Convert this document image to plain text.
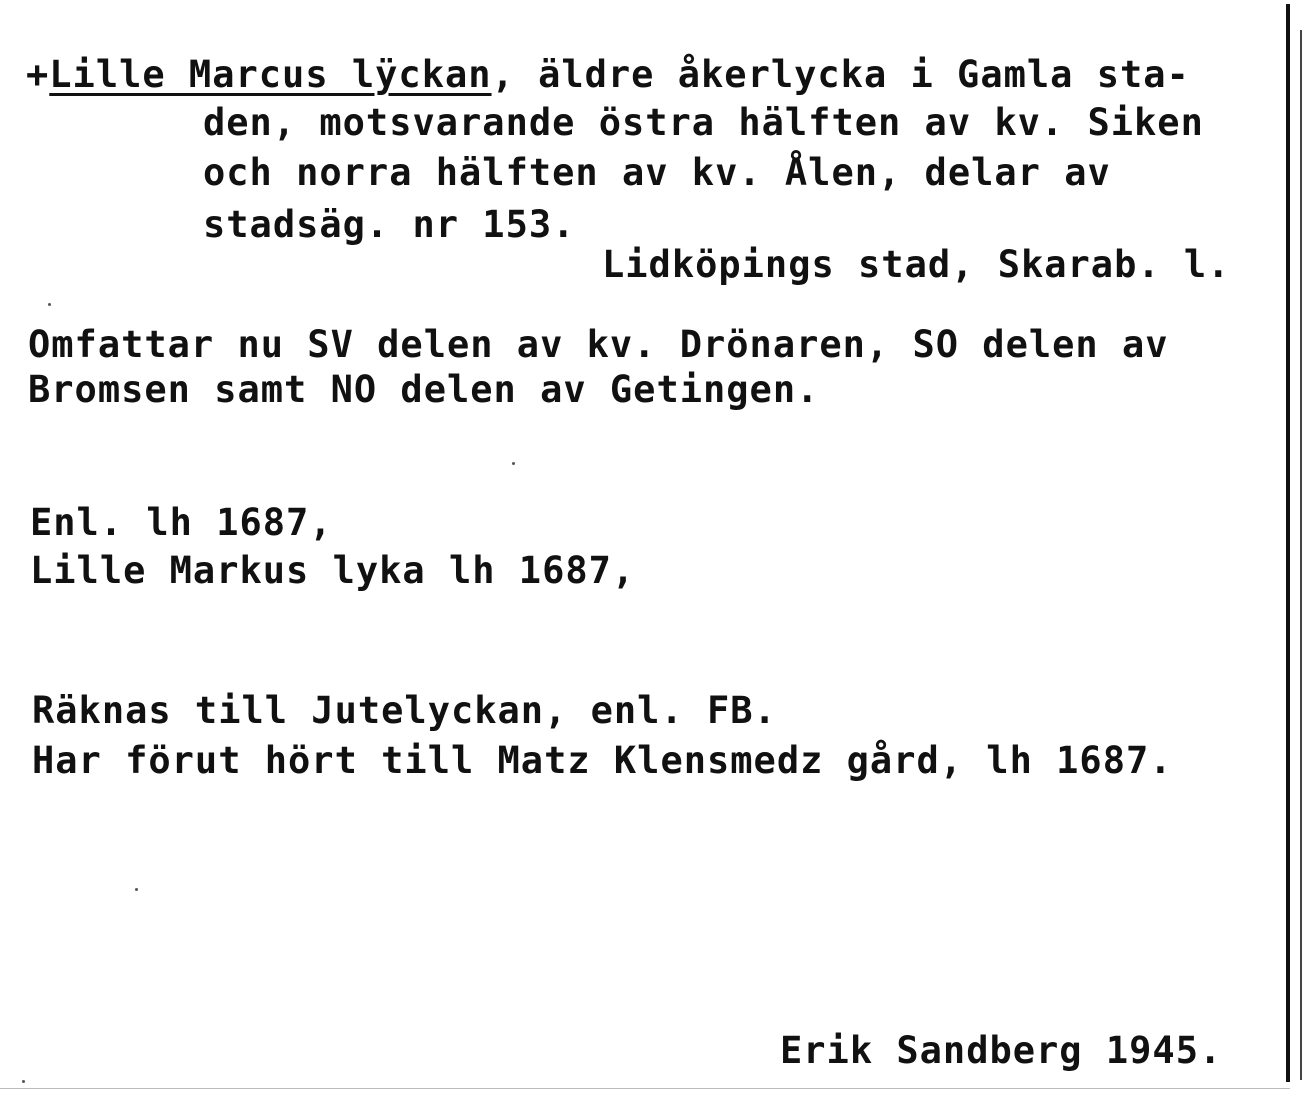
+Lille Marcus lÿckan, äldre åkerlycka i Gamla sta-
den, motsvarande östra hälften av kv. Siken
och norra hälften av kv. Ålen, delar av
stadsäg. nr 153.
Lidköpings stad, Skarab. l.
Omfattar nu SV delen av kv. Drönaren, SO delen av
Bromsen samt NO delen av Getingen.
Enl. lh 1687,
Lille Markus lyka lh 1687,
Räknas till Jutelyckan, enl. FB.
Har förut hört till Matz Klensmedz gård, lh 1687.
Erik Sandberg 1945.
